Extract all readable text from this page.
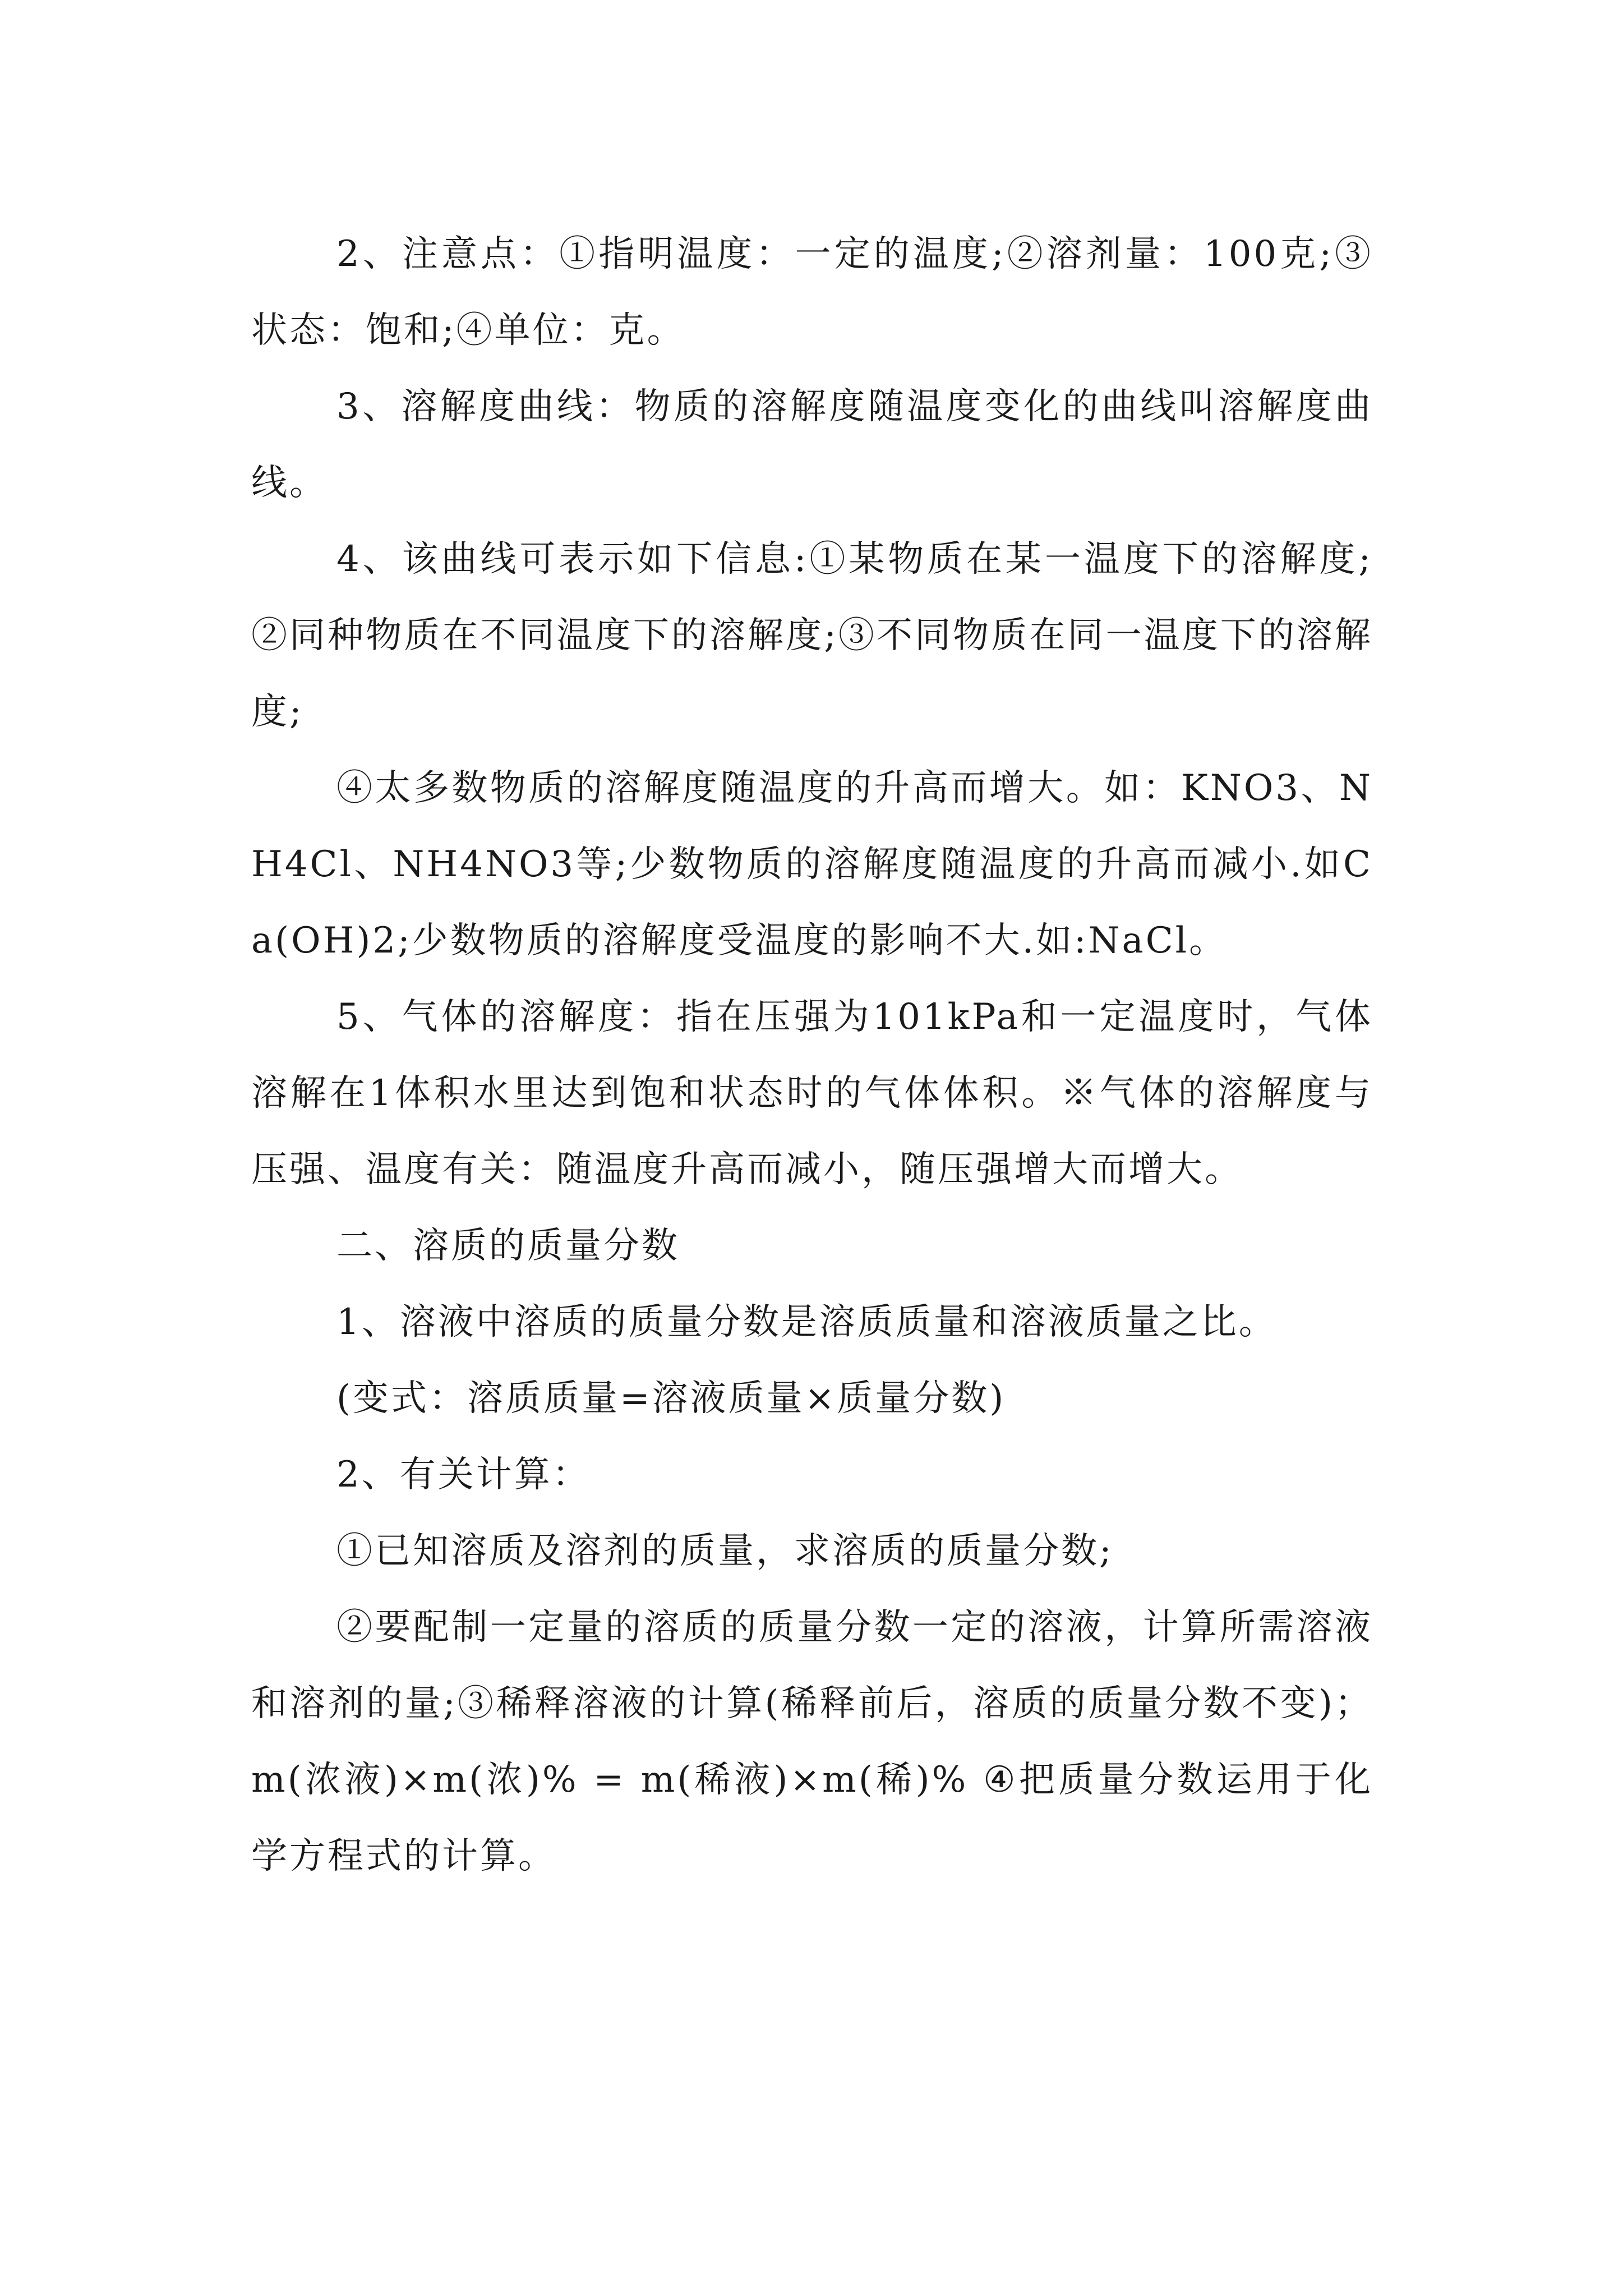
2、注意点：①指明温度：一定的温度;②溶剂量：100克;③状态：饱和;④单位：克。

3、溶解度曲线：物质的溶解度随温度变化的曲线叫溶解度曲线。

4、该曲线可表示如下信息:①某物质在某一温度下的溶解度;②同种物质在不同温度下的溶解度;③不同物质在同一温度下的溶解度;

④太多数物质的溶解度随温度的升高而增大。如：KNO3、NH4Cl、NH4NO3等;少数物质的溶解度随温度的升高而减小.如Ca(OH)2;少数物质的溶解度受温度的影响不大.如:NaCl。

5、气体的溶解度：指在压强为101kPa和一定温度时，气体溶解在1体积水里达到饱和状态时的气体体积。※气体的溶解度与压强、温度有关：随温度升高而减小，随压强增大而增大。

二、溶质的质量分数

1、溶液中溶质的质量分数是溶质质量和溶液质量之比。

(变式：溶质质量=溶液质量×质量分数)

2、有关计算：

①已知溶质及溶剂的质量，求溶质的质量分数;

②要配制一定量的溶质的质量分数一定的溶液，计算所需溶液和溶剂的量;③稀释溶液的计算(稀释前后，溶质的质量分数不变)；m(浓液)×m(浓)% = m(稀液)×m(稀)% ④把质量分数运用于化学方程式的计算。
